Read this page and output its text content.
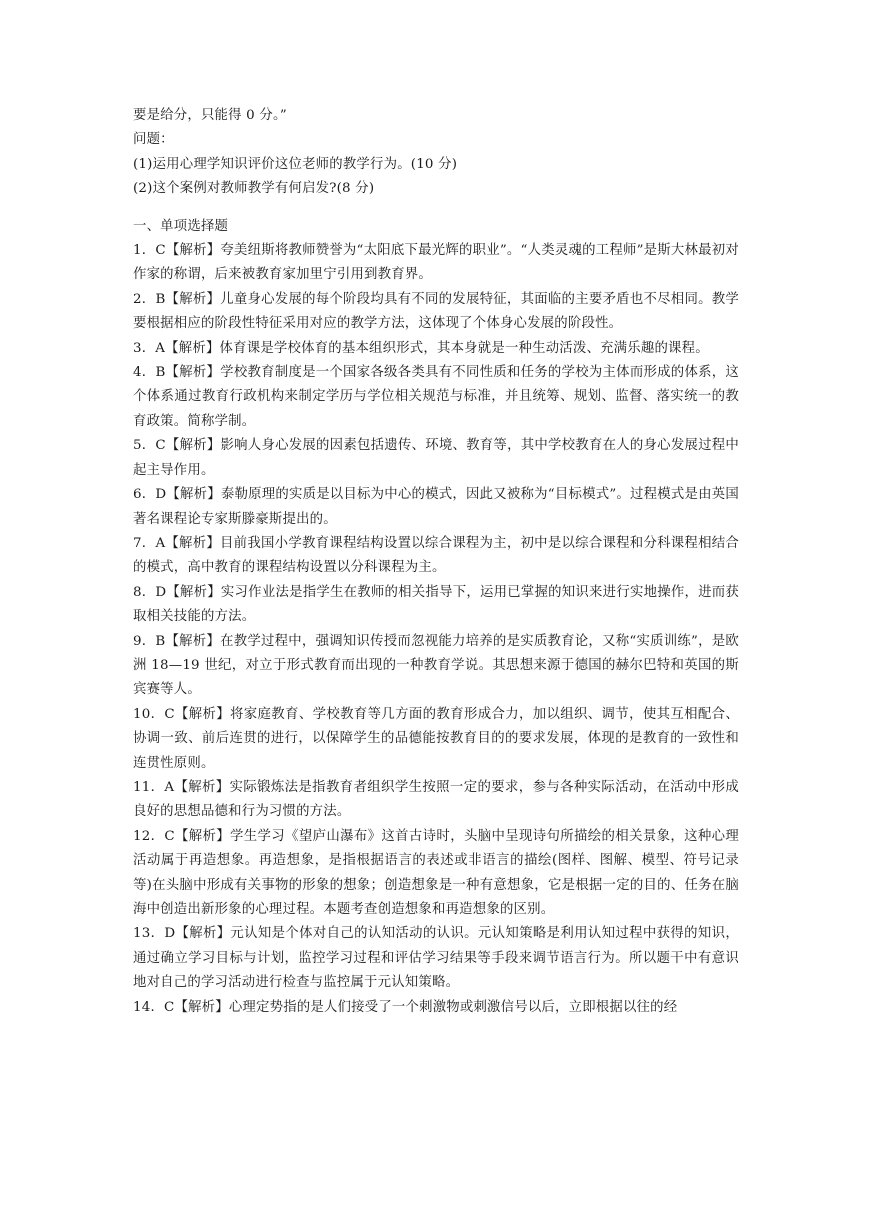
要是给分，只能得 0 分。”
问题：
(1)运用心理学知识评价这位老师的教学行为。(10 分)
(2)这个案例对教师教学有何启发?(8 分)
一、单项选择题
1．C【解析】夸美纽斯将教师赞誉为“太阳底下最光辉的职业”。“人类灵魂的工程师”是斯大林最初对作家的称谓，后来被教育家加里宁引用到教育界。
2．B【解析】儿童身心发展的每个阶段均具有不同的发展特征，其面临的主要矛盾也不尽相同。教学要根据相应的阶段性特征采用对应的教学方法，这体现了个体身心发展的阶段性。
3．A【解析】体育课是学校体育的基本组织形式，其本身就是一种生动活泼、充满乐趣的课程。
4．B【解析】学校教育制度是一个国家各级各类具有不同性质和任务的学校为主体而形成的体系，这个体系通过教育行政机构来制定学历与学位相关规范与标准，并且统筹、规划、监督、落实统一的教育政策。简称学制。
5．C【解析】影响人身心发展的因素包括遗传、环境、教育等，其中学校教育在人的身心发展过程中起主导作用。
6．D【解析】泰勒原理的实质是以目标为中心的模式，因此又被称为“目标模式”。过程模式是由英国著名课程论专家斯滕豪斯提出的。
7．A【解析】目前我国小学教育课程结构设置以综合课程为主，初中是以综合课程和分科课程相结合的模式，高中教育的课程结构设置以分科课程为主。
8．D【解析】实习作业法是指学生在教师的相关指导下，运用已掌握的知识来进行实地操作，进而获取相关技能的方法。
9．B【解析】在教学过程中，强调知识传授而忽视能力培养的是实质教育论，又称“实质训练”，是欧洲 18—19 世纪，对立于形式教育而出现的一种教育学说。其思想来源于德国的赫尔巴特和英国的斯宾赛等人。
10．C【解析】将家庭教育、学校教育等几方面的教育形成合力，加以组织、调节，使其互相配合、协调一致、前后连贯的进行，以保障学生的品德能按教育目的的要求发展，体现的是教育的一致性和连贯性原则。
11．A【解析】实际锻炼法是指教育者组织学生按照一定的要求，参与各种实际活动，在活动中形成良好的思想品德和行为习惯的方法。
12．C【解析】学生学习《望庐山瀑布》这首古诗时，头脑中呈现诗句所描绘的相关景象，这种心理活动属于再造想象。再造想象，是指根据语言的表述或非语言的描绘(图样、图解、模型、符号记录等)在头脑中形成有关事物的形象的想象；创造想象是一种有意想象，它是根据一定的目的、任务在脑海中创造出新形象的心理过程。本题考查创造想象和再造想象的区别。
13．D【解析】元认知是个体对自己的认知活动的认识。元认知策略是利用认知过程中获得的知识，通过确立学习目标与计划，监控学习过程和评估学习结果等手段来调节语言行为。所以题干中有意识地对自己的学习活动进行检查与监控属于元认知策略。
14．C【解析】心理定势指的是人们接受了一个刺激物或刺激信号以后，立即根据以往的经
